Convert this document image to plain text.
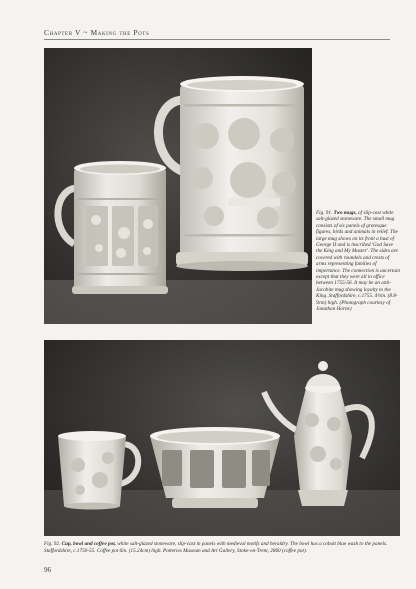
Chapter V ~ Making the Pots
Fig. 91. Two mugs, of slip-cast white salt-glazed stoneware. The small mug consists of six panels of grotesque figures, birds and animals in relief. The large mug shows on its front a bust of George II and is inscribed 'God Save the King and My Master'. The sides are covered with roundels and crests of arms representing families of importance. The connection is uncertain except that they were all in office between 1755-56. It may be an anti-Jacobite mug showing loyalty to the King. Staffordshire, c.1755. 4½in. (8.8-9cm) high. (Photograph courtesy of Jonathan Horne)
Fig. 92. Cup, bowl and coffee pot, white salt-glazed stoneware, slip-cast in panels with medieval motifs and heraldry. The bowl has a cobalt blue wash to the panels. Staffordshire, c.1750-55. Coffee pot 6in. (15.24cm) high. Potteries Museum and Art Gallery, Stoke-on-Trent, 2860 (coffee pot).
96
